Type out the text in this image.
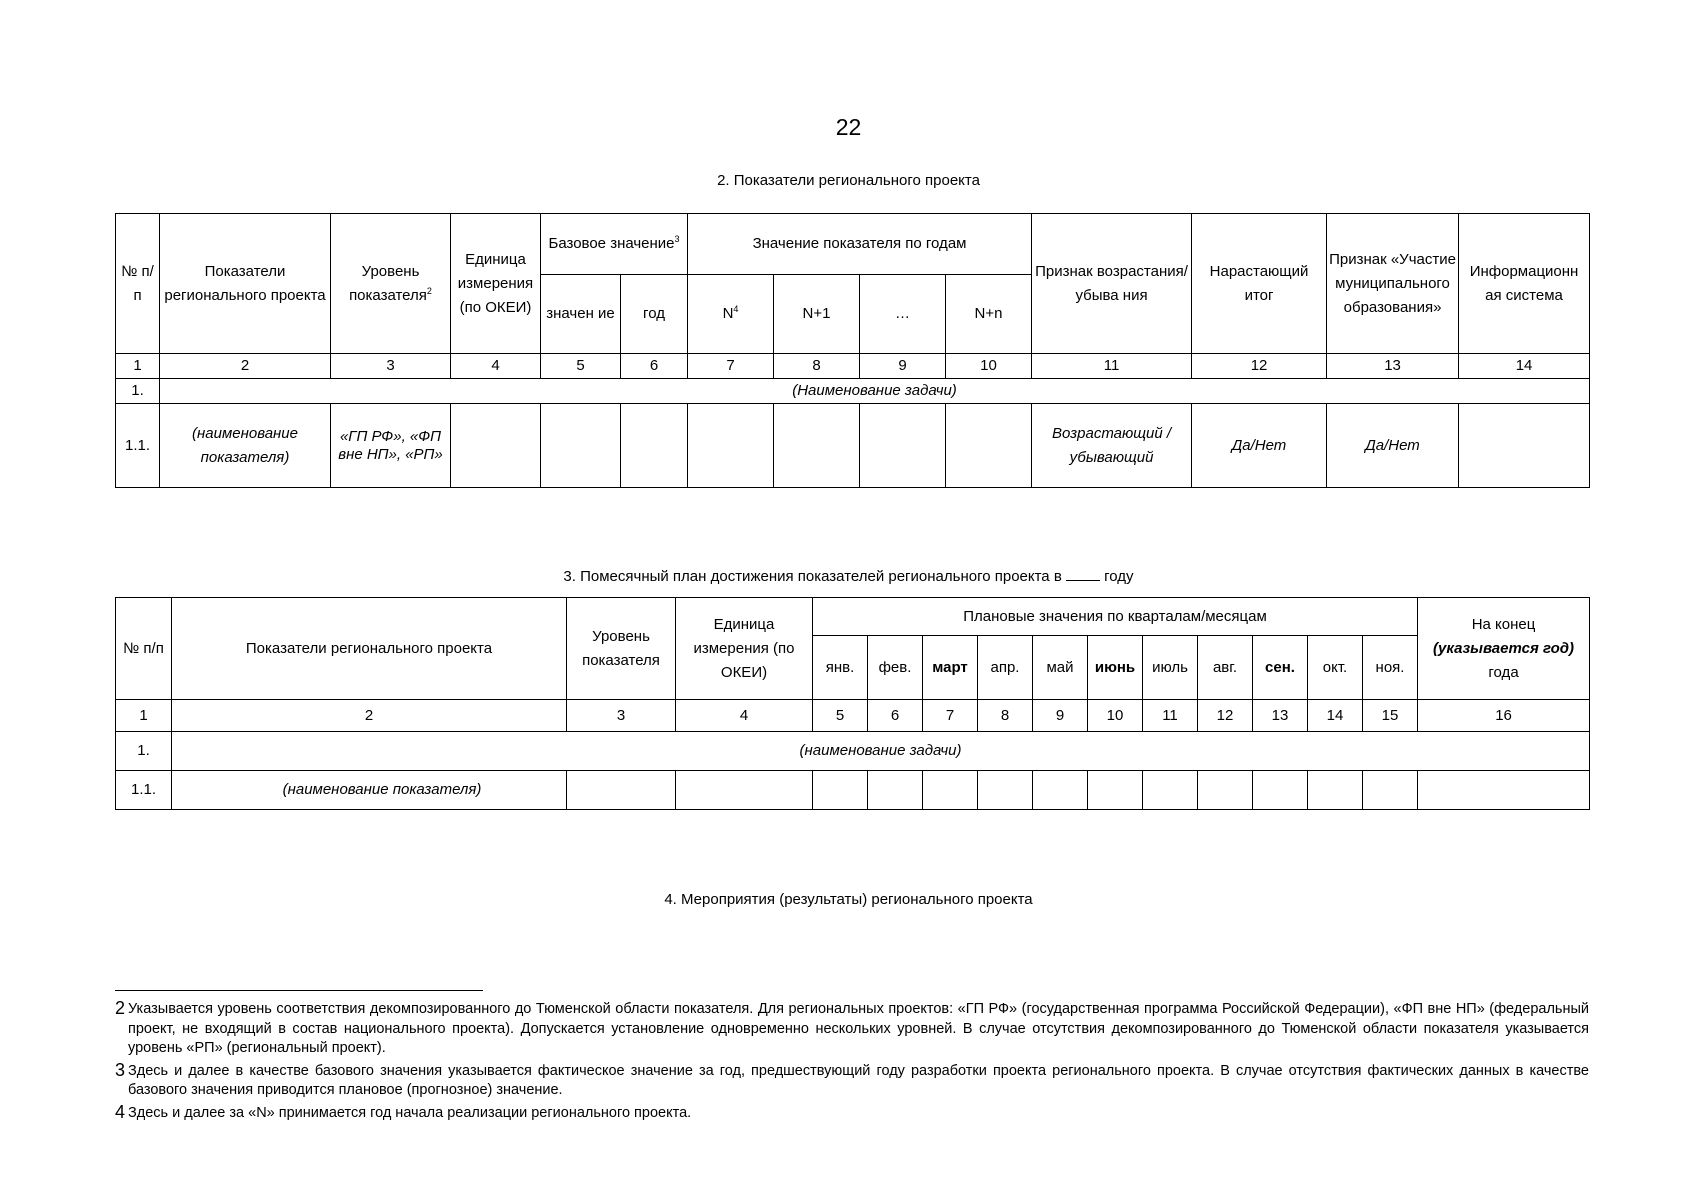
22
2. Показатели регионального проекта
№ п/п	Показатели регионального проекта	Уровень показателя$^2$	Единица измерения (по ОКЕИ)	Базовое значение$^3$		Значение показателя по годам				Признак возрастания/убыва ния	Нарастающий итог	Признак «Участие муниципального образования»	Информационн ая система
				значен ие	год	$N^4$	N+1	…	N+n				
1	2	3	4	5	6	7	8	9	10	11	12	13	14
1.	(Наименование задачи)												
1.1.	(наименование показателя)	«ГП РФ», «ФП вне НП», «РП»								Возрастающий / убывающий	Да/Нет	Да/Нет	
3. Помесячный план достижения показателей регионального проекта в	году
№ п/п	Показатели регионального проекта	Уровень показателя	Единица измерения (по ОКЕИ)	Плановые значения по кварталам/месяцам											На конец
(указывается год)
года

				янв.	фев.	март	апр.	май	июнь	июль	авг.	сен.	окт.	ноя.	
1	2	3	4	5	6	7	8	9	10	11	12	13	14	15	16
1.	(наименование задачи)														
1.1.	(наименование показателя)														
4. Мероприятия (результаты) регионального проекта
2 Указывается уровень соответствия декомпозированного до Тюменской области показателя. Для региональных проектов: «ГП РФ» (государственная программа Российской Федерации), «ФП вне НП» (федеральный проект, не входящий в состав национального проекта). Допускается установление одновременно нескольких уровней. В случае отсутствия декомпозированного до Тюменской области показателя указывается уровень «РП» (региональный проект).
3 Здесь и далее в качестве базового значения указывается фактическое значение за год, предшествующий году разработки проекта регионального проекта. В случае отсутствия фактических данных в качестве базового значения приводится плановое (прогнозное) значение.
4 Здесь и далее за «N» принимается год начала реализации регионального проекта.
